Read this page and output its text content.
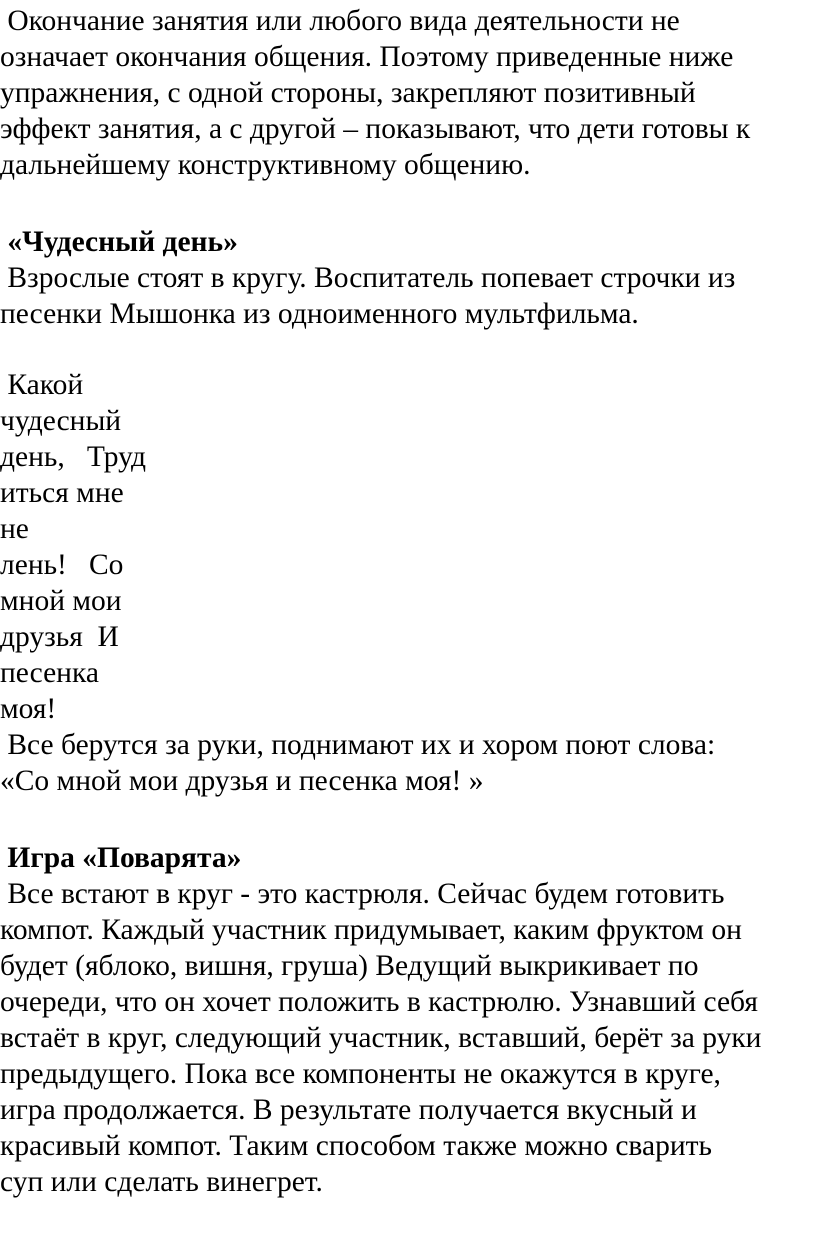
Окончание занятия или любого вида деятельности не

означает окончания общения. Поэтому приведенные ниже

упражнения, с одной стороны, закрепляют позитивный

эффект занятия, а с другой – показывают, что дети готовы к

дальнейшему конструктивному общению.

«Чудесный день»

Взрослые стоят в кругу. Воспитатель попевает строчки из

песенки Мышонка из одноименного мультфильма.

Какой

чудесный

день,   Труд

иться мне

не

лень!   Со

мной мои

друзья  И

песенка

моя!

Все берутся за руки, поднимают их и хором поют слова:

«Со мной мои друзья и песенка моя! »

Игра «Поварята»

Все встают в круг - это кастрюля. Сейчас будем готовить

компот. Каждый участник придумывает, каким фруктом он

будет (яблоко, вишня, груша) Ведущий выкрикивает по

очереди, что он хочет положить в кастрюлю. Узнавший себя

встаёт в круг, следующий участник, вставший, берёт за руки

предыдущего. Пока все компоненты не окажутся в круге,

игра продолжается. В результате получается вкусный и

красивый компот. Таким способом также можно сварить

суп или сделать винегрет.
